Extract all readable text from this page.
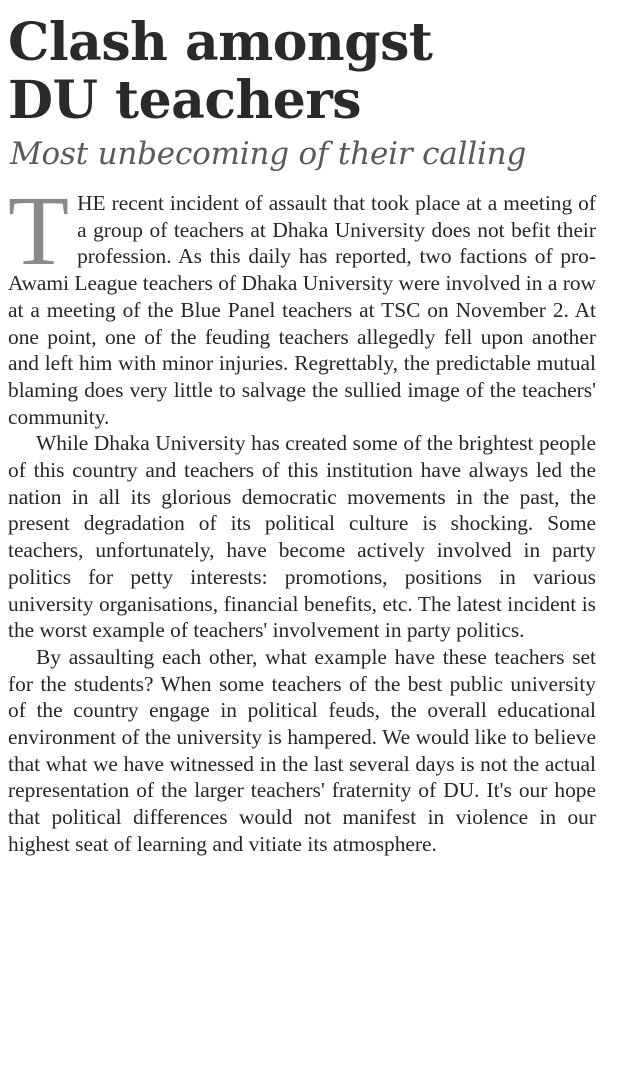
Clash amongst
DU teachers
Most unbecoming of their calling

T HE recent incident of assault that took place at a meeting of a group of teachers at Dhaka University does not befit their profession. As this daily has reported, two factions of pro-Awami League teachers of Dhaka University were involved in a row at a meeting of the Blue Panel teachers at TSC on November 2. At one point, one of the feuding teachers allegedly fell upon another and left him with minor injuries. Regrettably, the predictable mutual blaming does very little to salvage the sullied image of the teachers' community.

While Dhaka University has created some of the brightest people of this country and teachers of this institution have always led the nation in all its glorious democratic movements in the past, the present degradation of its political culture is shocking. Some teachers, unfortunately, have become actively involved in party politics for petty interests: promotions, positions in various university organisations, financial benefits, etc. The latest incident is the worst example of teachers' involvement in party politics.

By assaulting each other, what example have these teachers set for the students? When some teachers of the best public university of the country engage in political feuds, the overall educational environment of the university is hampered. We would like to believe that what we have witnessed in the last several days is not the actual representation of the larger teachers' fraternity of DU. It's our hope that political differences would not manifest in violence in our highest seat of learning and vitiate its atmosphere.
